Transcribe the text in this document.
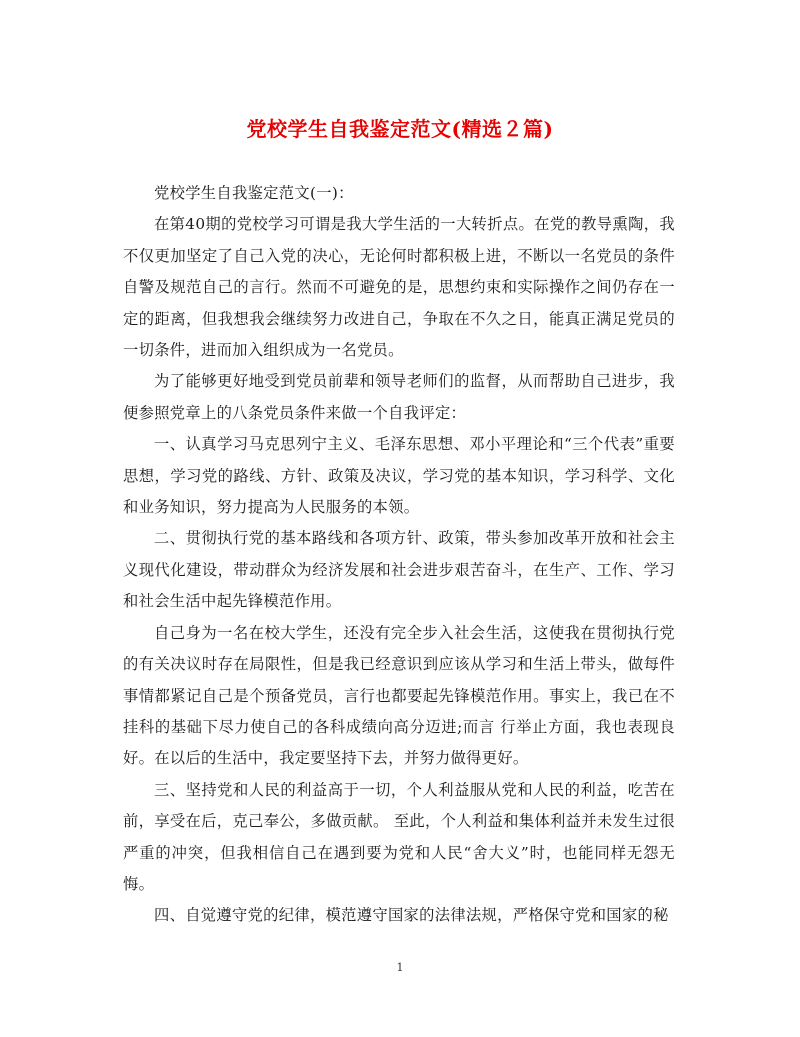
党校学生自我鉴定范文(精选２篇)

党校学生自我鉴定范文(一)：

在第40期的党校学习可谓是我大学生活的一大转折点。在党的教导熏陶，我不仅更加坚定了自己入党的决心，无论何时都积极上进，不断以一名党员的条件自警及规范自己的言行。然而不可避免的是，思想约束和实际操作之间仍存在一定的距离，但我想我会继续努力改进自己，争取在不久之日，能真正满足党员的一切条件，进而加入组织成为一名党员。

为了能够更好地受到党员前辈和领导老师们的监督，从而帮助自己进步，我便参照党章上的八条党员条件来做一个自我评定：

一、认真学习马克思列宁主义、毛泽东思想、邓小平理论和“三个代表”重要思想，学习党的路线、方针、政策及决议，学习党的基本知识，学习科学、文化和业务知识，努力提高为人民服务的本领。

二、贯彻执行党的基本路线和各项方针、政策，带头参加改革开放和社会主义现代化建设，带动群众为经济发展和社会进步艰苦奋斗，在生产、工作、学习和社会生活中起先锋模范作用。

自己身为一名在校大学生，还没有完全步入社会生活，这使我在贯彻执行党的有关决议时存在局限性，但是我已经意识到应该从学习和生活上带头，做每件事情都紧记自己是个预备党员，言行也都要起先锋模范作用。事实上，我已在不挂科的基础下尽力使自己的各科成绩向高分迈进;而言 行举止方面，我也表现良好。在以后的生活中，我定要坚持下去，并努力做得更好。

三、坚持党和人民的利益高于一切，个人利益服从党和人民的利益，吃苦在前，享受在后，克己奉公，多做贡献。 至此，个人利益和集体利益并未发生过很严重的冲突，但我相信自己在遇到要为党和人民“舍大义”时，也能同样无怨无悔。

四、自觉遵守党的纪律，模范遵守国家的法律法规，严格保守党和国家的秘

1
